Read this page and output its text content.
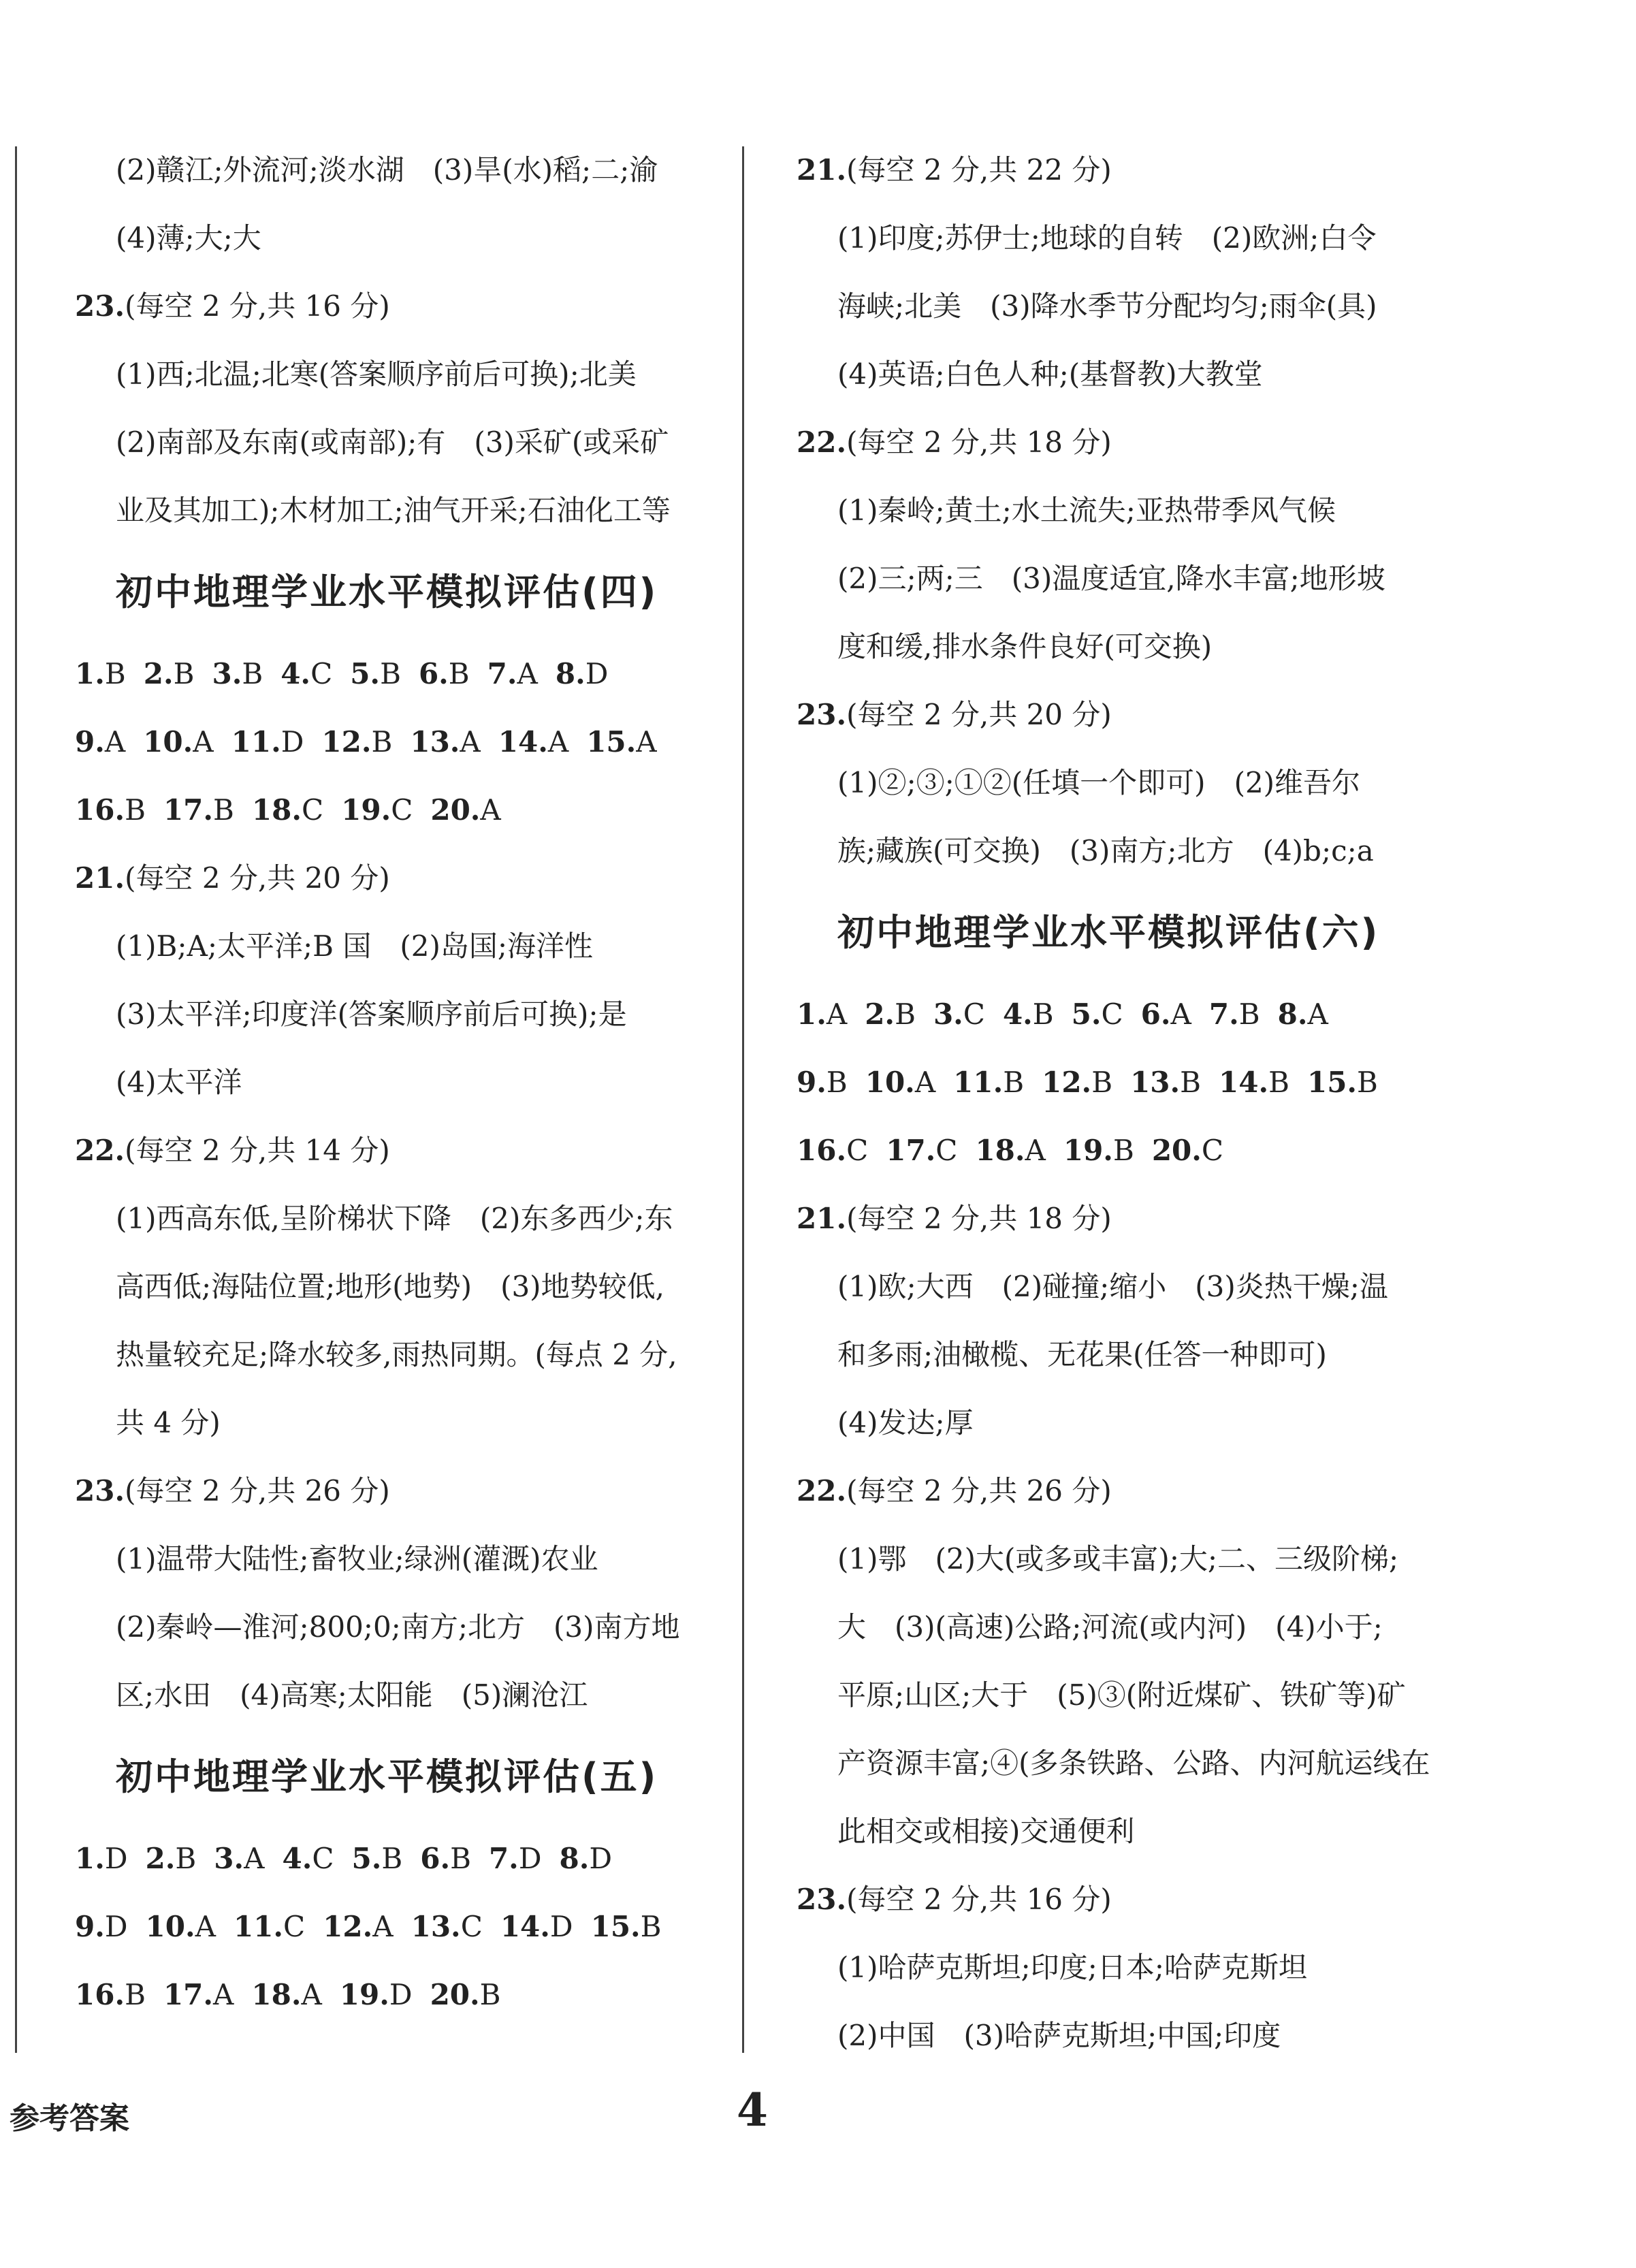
(2)赣江;外流河;淡水湖　(3)旱(水)稻;二;渝
(4)薄;大;大
23.(每空 2 分,共 16 分)
(1)西;北温;北寒(答案顺序前后可换);北美
(2)南部及东南(或南部);有　(3)采矿(或采矿
业及其加工);木材加工;油气开采;石油化工等
初中地理学业水平模拟评估(四)
1.B 2.B 3.B 4.C 5.B 6.B 7.A 8.D
9.A 10.A 11.D 12.B 13.A 14.A 15.A
16.B 17.B 18.C 19.C 20.A
21.(每空 2 分,共 20 分)
(1)B;A;太平洋;B 国　(2)岛国;海洋性
(3)太平洋;印度洋(答案顺序前后可换);是
(4)太平洋
22.(每空 2 分,共 14 分)
(1)西高东低,呈阶梯状下降　(2)东多西少;东
高西低;海陆位置;地形(地势)　(3)地势较低,
热量较充足;降水较多,雨热同期。(每点 2 分,
共 4 分)
23.(每空 2 分,共 26 分)
(1)温带大陆性;畜牧业;绿洲(灌溉)农业
(2)秦岭—淮河;800;0;南方;北方　(3)南方地
区;水田　(4)高寒;太阳能　(5)澜沧江
初中地理学业水平模拟评估(五)
1.D 2.B 3.A 4.C 5.B 6.B 7.D 8.D
9.D 10.A 11.C 12.A 13.C 14.D 15.B
16.B 17.A 18.A 19.D 20.B
21.(每空 2 分,共 22 分)
(1)印度;苏伊士;地球的自转　(2)欧洲;白令
海峡;北美　(3)降水季节分配均匀;雨伞(具)
(4)英语;白色人种;(基督教)大教堂
22.(每空 2 分,共 18 分)
(1)秦岭;黄土;水土流失;亚热带季风气候
(2)三;两;三　(3)温度适宜,降水丰富;地形坡
度和缓,排水条件良好(可交换)
23.(每空 2 分,共 20 分)
(1)②;③;①②(任填一个即可)　(2)维吾尔
族;藏族(可交换)　(3)南方;北方　(4)b;c;a
初中地理学业水平模拟评估(六)
1.A 2.B 3.C 4.B 5.C 6.A 7.B 8.A
9.B 10.A 11.B 12.B 13.B 14.B 15.B
16.C 17.C 18.A 19.B 20.C
21.(每空 2 分,共 18 分)
(1)欧;大西　(2)碰撞;缩小　(3)炎热干燥;温
和多雨;油橄榄、无花果(任答一种即可)
(4)发达;厚
22.(每空 2 分,共 26 分)
(1)鄂　(2)大(或多或丰富);大;二、三级阶梯;
大　(3)(高速)公路;河流(或内河)　(4)小于;
平原;山区;大于　(5)③(附近煤矿、铁矿等)矿
产资源丰富;④(多条铁路、公路、内河航运线在
此相交或相接)交通便利
23.(每空 2 分,共 16 分)
(1)哈萨克斯坦;印度;日本;哈萨克斯坦
(2)中国　(3)哈萨克斯坦;中国;印度
参考答案	4
